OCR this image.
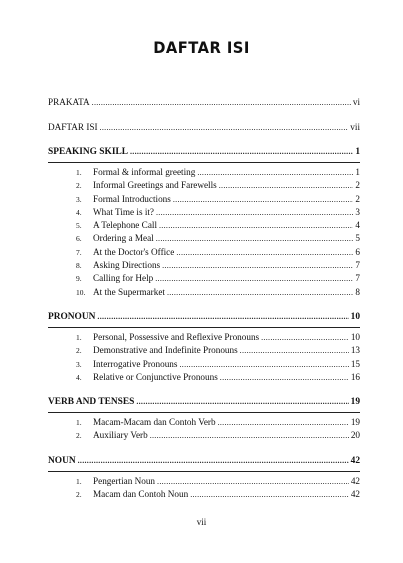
DAFTAR ISI
PRAKATA .....	vi
DAFTAR ISI .....	vii
SPEAKING SKILL .....	1
1.	Formal & informal greeting .....	1
2.	Informal Greetings and Farewells .....	2
3.	Formal Introductions .....	2
4.	What Time is it? .....	3
5.	A Telephone Call .....	4
6.	Ordering a Meal .....	5
7.	At the Doctor's Office .....	6
8.	Asking Directions .....	7
9.	Calling for Help .....	7
10. At the Supermarket .....	8
PRONOUN .....	10
1.	Personal, Possessive and Reflexive Pronouns .....	10
2.	Demonstrative and Indefinite Pronouns .....	13
3.	Interrogative Pronouns .....	15
4.	Relative or Conjunctive Pronouns .....	16
VERB AND TENSES .....	19
1.	Macam-Macam dan Contoh Verb .....	19
2.	Auxiliary Verb .....	20
NOUN .....	42
1.	Pengertian Noun .....	42
2.	Macam dan Contoh Noun .....	42
vii
